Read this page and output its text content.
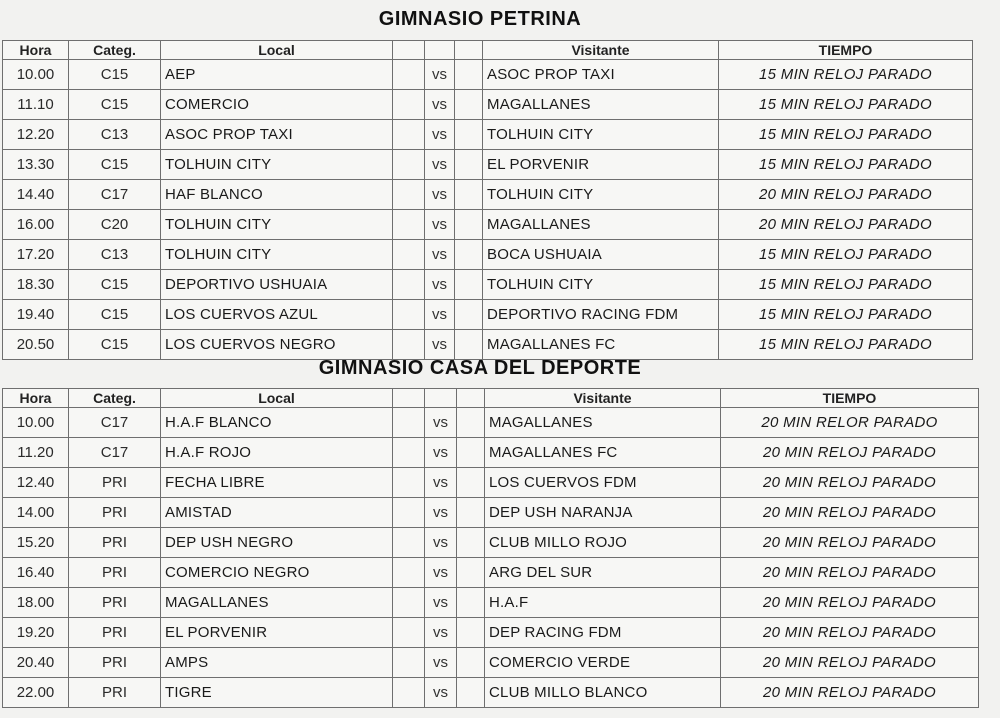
GIMNASIO PETRINA
Hora	Categ.	Local				Visitante	TIEMPO
10.00	C15	AEP		vs		ASOC PROP TAXI	15 MIN RELOJ PARADO
11.10	C15	COMERCIO		vs		MAGALLANES	15 MIN RELOJ PARADO
12.20	C13	ASOC PROP TAXI		vs		TOLHUIN CITY	15 MIN RELOJ PARADO
13.30	C15	TOLHUIN CITY		vs		EL PORVENIR	15 MIN RELOJ PARADO
14.40	C17	HAF BLANCO		vs		TOLHUIN CITY	20 MIN RELOJ PARADO
16.00	C20	TOLHUIN CITY		vs		MAGALLANES	20 MIN RELOJ PARADO
17.20	C13	TOLHUIN CITY		vs		BOCA USHUAIA	15 MIN RELOJ PARADO
18.30	C15	DEPORTIVO USHUAIA		vs		TOLHUIN CITY	15 MIN RELOJ PARADO
19.40	C15	LOS CUERVOS AZUL		vs		DEPORTIVO RACING FDM	15 MIN RELOJ PARADO
20.50	C15	LOS CUERVOS NEGRO		vs		MAGALLANES FC	15 MIN RELOJ PARADO
GIMNASIO CASA DEL DEPORTE
Hora	Categ.	Local				Visitante	TIEMPO
10.00	C17	H.A.F BLANCO		vs		MAGALLANES	20 MIN RELOR PARADO
11.20	C17	H.A.F ROJO		vs		MAGALLANES FC	20 MIN RELOJ PARADO
12.40	PRI	FECHA LIBRE		vs		LOS CUERVOS FDM	20 MIN RELOJ PARADO
14.00	PRI	AMISTAD		vs		DEP USH NARANJA	20 MIN RELOJ PARADO
15.20	PRI	DEP USH NEGRO		vs		CLUB MILLO ROJO	20 MIN RELOJ PARADO
16.40	PRI	COMERCIO NEGRO		vs		ARG DEL SUR	20 MIN RELOJ PARADO
18.00	PRI	MAGALLANES		vs		H.A.F	20 MIN RELOJ PARADO
19.20	PRI	EL PORVENIR		vs		DEP RACING FDM	20 MIN RELOJ PARADO
20.40	PRI	AMPS		vs		COMERCIO VERDE	20 MIN RELOJ PARADO
22.00	PRI	TIGRE		vs		CLUB MILLO BLANCO	20 MIN RELOJ PARADO
